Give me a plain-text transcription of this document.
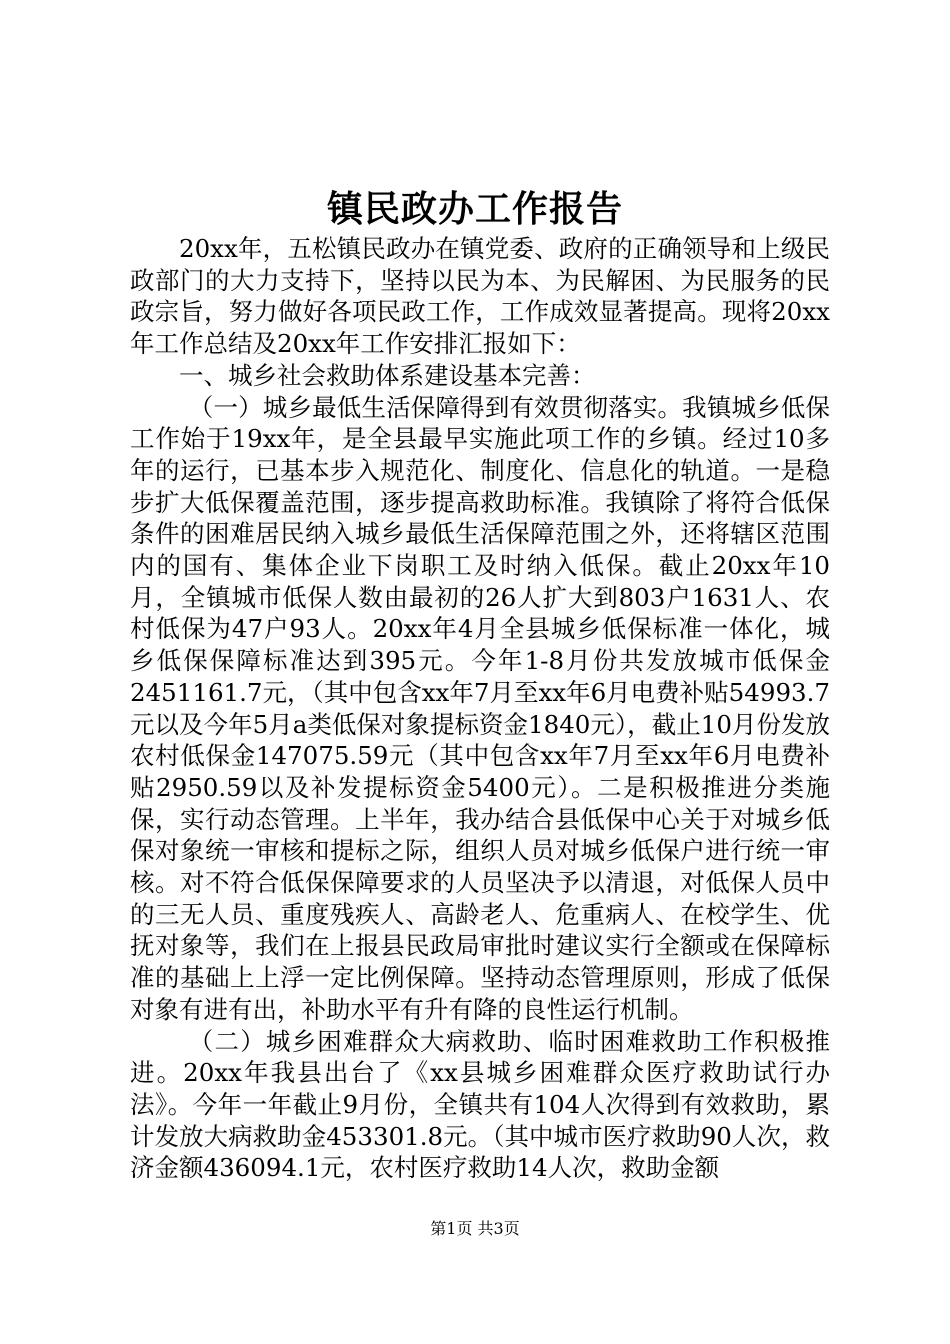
镇民政办工作报告

20xx年，五松镇民政办在镇党委、政府的正确领导和上级民政部门的大力支持下，坚持以民为本、为民解困、为民服务的民政宗旨，努力做好各项民政工作，工作成效显著提高。现将20xx年工作总结及20xx年工作安排汇报如下：

一、城乡社会救助体系建设基本完善：

（一）城乡最低生活保障得到有效贯彻落实。我镇城乡低保工作始于19xx年，是全县最早实施此项工作的乡镇。经过10多年的运行，已基本步入规范化、制度化、信息化的轨道。一是稳步扩大低保覆盖范围，逐步提高救助标准。我镇除了将符合低保条件的困难居民纳入城乡最低生活保障范围之外，还将辖区范围内的国有、集体企业下岗职工及时纳入低保。截止20xx年10月，全镇城市低保人数由最初的26人扩大到803户1631人、农村低保为47户93人。20xx年4月全县城乡低保标准一体化，城乡低保保障标准达到395元。今年1-8月份共发放城市低保金2451161.7元，（其中包含xx年7月至xx年6月电费补贴54993.7元以及今年5月a类低保对象提标资金1840元），截止10月份发放农村低保金147075.59元（其中包含xx年7月至xx年6月电费补贴2950.59以及补发提标资金5400元）。二是积极推进分类施保，实行动态管理。上半年，我办结合县低保中心关于对城乡低保对象统一审核和提标之际，组织人员对城乡低保户进行统一审核。对不符合低保保障要求的人员坚决予以清退，对低保人员中的三无人员、重度残疾人、高龄老人、危重病人、在校学生、优抚对象等，我们在上报县民政局审批时建议实行全额或在保障标准的基础上上浮一定比例保障。坚持动态管理原则，形成了低保对象有进有出，补助水平有升有降的良性运行机制。

（二）城乡困难群众大病救助、临时困难救助工作积极推进。20xx年我县出台了《xx县城乡困难群众医疗救助试行办法》。今年一年截止9月份，全镇共有104人次得到有效救助，累计发放大病救助金453301.8元。（其中城市医疗救助90人次，救济金额436094.1元，农村医疗救助14人次，救助金额

第1页 共3页
